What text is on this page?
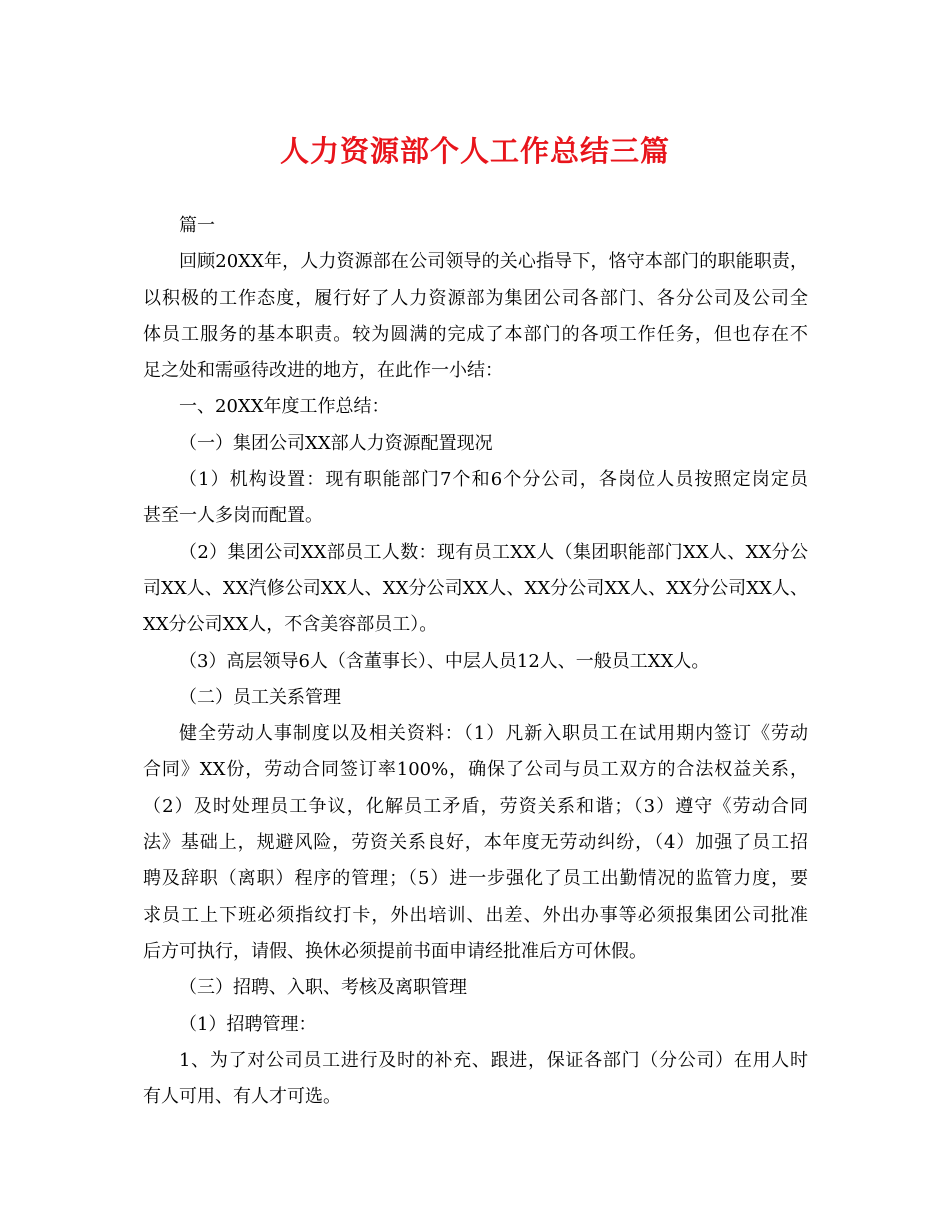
人力资源部个人工作总结三篇
篇一
回顾20XX年，人力资源部在公司领导的关心指导下，恪守本部门的职能职责，
以积极的工作态度，履行好了人力资源部为集团公司各部门、各分公司及公司全
体员工服务的基本职责。较为圆满的完成了本部门的各项工作任务，但也存在不
足之处和需亟待改进的地方，在此作一小结：
一、20XX年度工作总结：
（一）集团公司XX部人力资源配置现况
（1）机构设置：现有职能部门7个和6个分公司，各岗位人员按照定岗定员
甚至一人多岗而配置。
（2）集团公司XX部员工人数：现有员工XX人（集团职能部门XX人、XX分公
司XX人、XX汽修公司XX人、XX分公司XX人、XX分公司XX人、XX分公司XX人、
XX分公司XX人，不含美容部员工）。
（3）高层领导6人（含董事长）、中层人员12人、一般员工XX人。
（二）员工关系管理
健全劳动人事制度以及相关资料：（1）凡新入职员工在试用期内签订《劳动
合同》XX份，劳动合同签订率100%，确保了公司与员工双方的合法权益关系，
（2）及时处理员工争议，化解员工矛盾，劳资关系和谐；（3）遵守《劳动合同
法》基础上，规避风险，劳资关系良好，本年度无劳动纠纷，（4）加强了员工招
聘及辞职（离职）程序的管理；（5）进一步强化了员工出勤情况的监管力度，要
求员工上下班必须指纹打卡，外出培训、出差、外出办事等必须报集团公司批准
后方可执行，请假、换休必须提前书面申请经批准后方可休假。
（三）招聘、入职、考核及离职管理
（1）招聘管理：
1、为了对公司员工进行及时的补充、跟进，保证各部门（分公司）在用人时
有人可用、有人才可选。
